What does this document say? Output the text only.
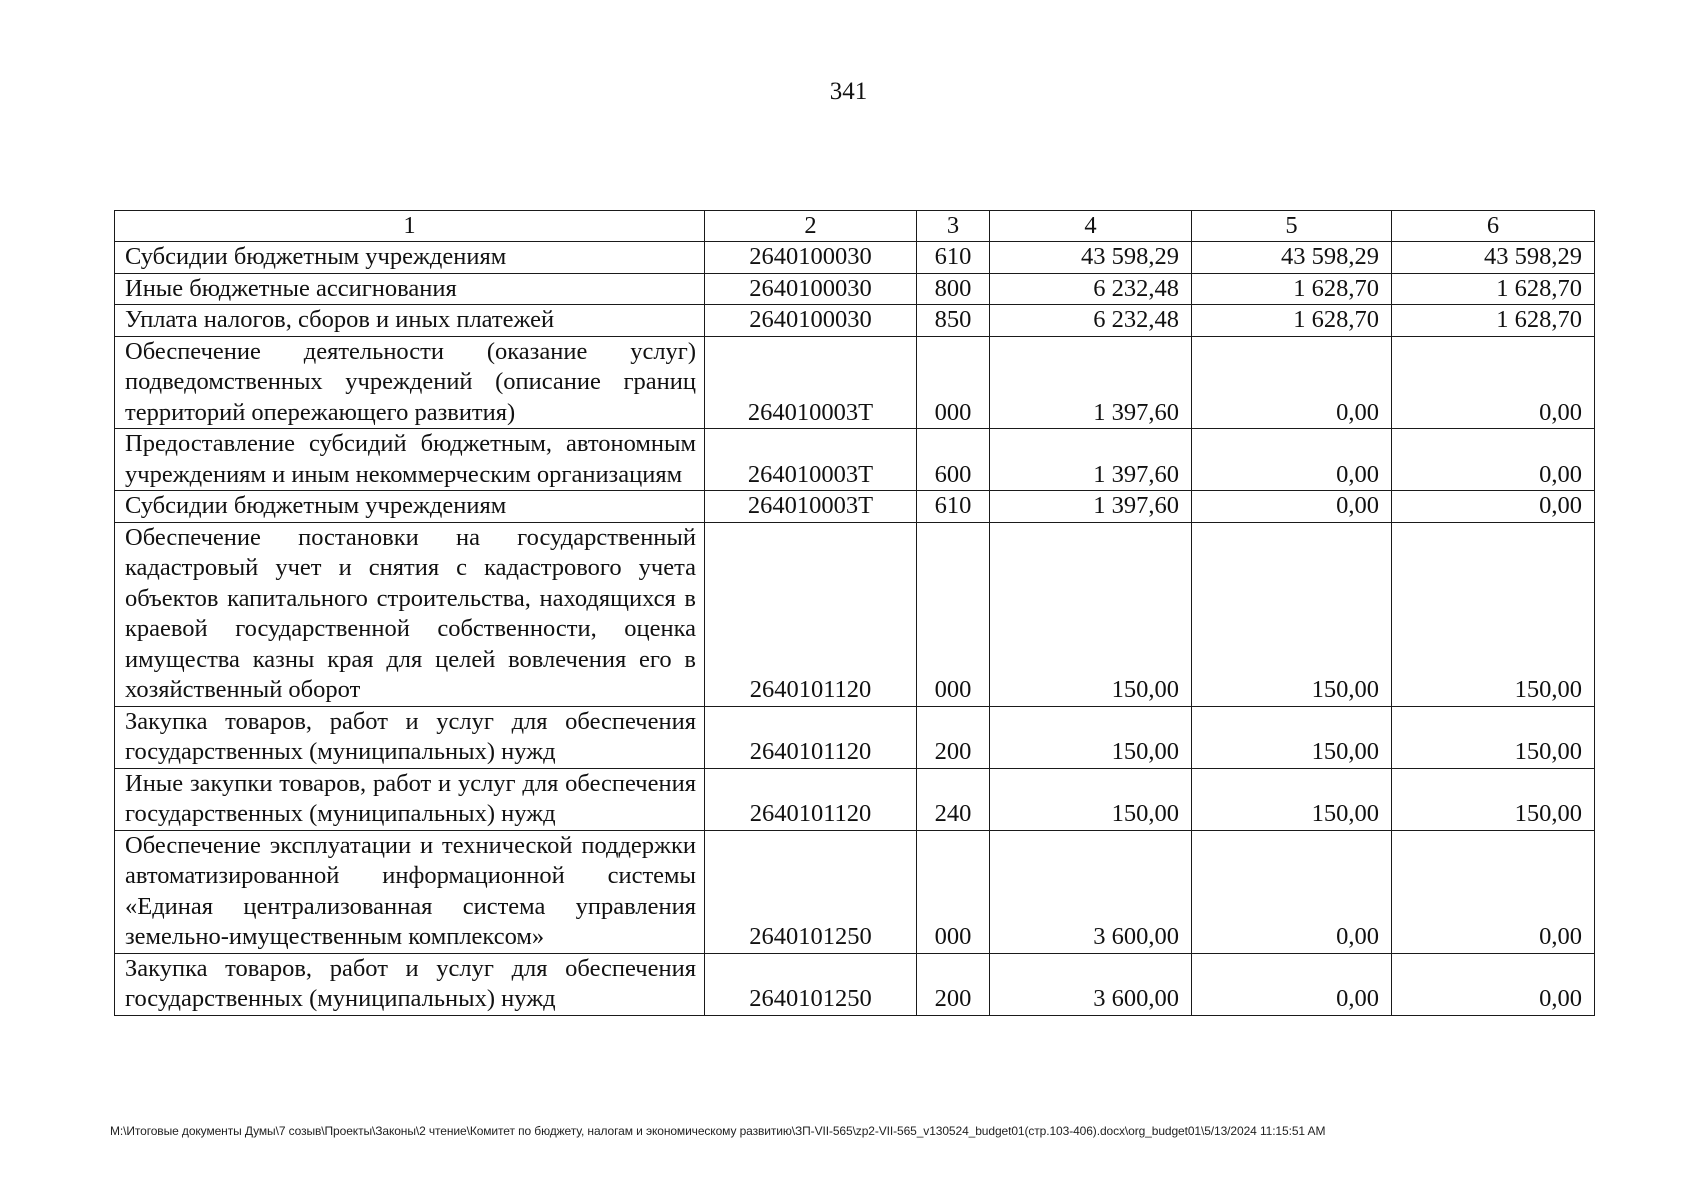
341
1	2	3	4	5	6
Субсидии бюджетным учреждениям	2640100030	610	43 598,29	43 598,29	43 598,29
Иные бюджетные ассигнования	2640100030	800	6 232,48	1 628,70	1 628,70
Уплата налогов, сборов и иных платежей	2640100030	850	6 232,48	1 628,70	1 628,70
Обеспечение деятельности (оказание услуг) подведомственных учреждений (описание границ территорий опережающего развития)	264010003Т	000	1 397,60	0,00	0,00
Предоставление субсидий бюджетным, автономным учреждениям и иным некоммерческим организациям	264010003Т	600	1 397,60	0,00	0,00
Субсидии бюджетным учреждениям	264010003Т	610	1 397,60	0,00	0,00
Обеспечение постановки на государственный кадастровый учет и снятия с кадастрового учета объектов капитального строительства, находящихся в краевой государственной собственности, оценка имущества казны края для целей вовлечения его в хозяйственный оборот	2640101120	000	150,00	150,00	150,00
Закупка товаров, работ и услуг для обеспечения государственных (муниципальных) нужд	2640101120	200	150,00	150,00	150,00
Иные закупки товаров, работ и услуг для обеспечения государственных (муниципальных) нужд	2640101120	240	150,00	150,00	150,00
Обеспечение эксплуатации и технической поддержки автоматизированной информационной системы «Единая централизованная система управления земельно-имущественным комплексом»	2640101250	000	3 600,00	0,00	0,00
Закупка товаров, работ и услуг для обеспечения государственных (муниципальных) нужд	2640101250	200	3 600,00	0,00	0,00
М:\Итоговые документы Думы\7 созыв\Проекты\Законы\2 чтение\Комитет по бюджету, налогам и экономическому развитию\ЗП-VII-565\zp2-VII-565_v130524_budget01(стр.103-406).docx\org_budget01\5/13/2024 11:15:51 AM
